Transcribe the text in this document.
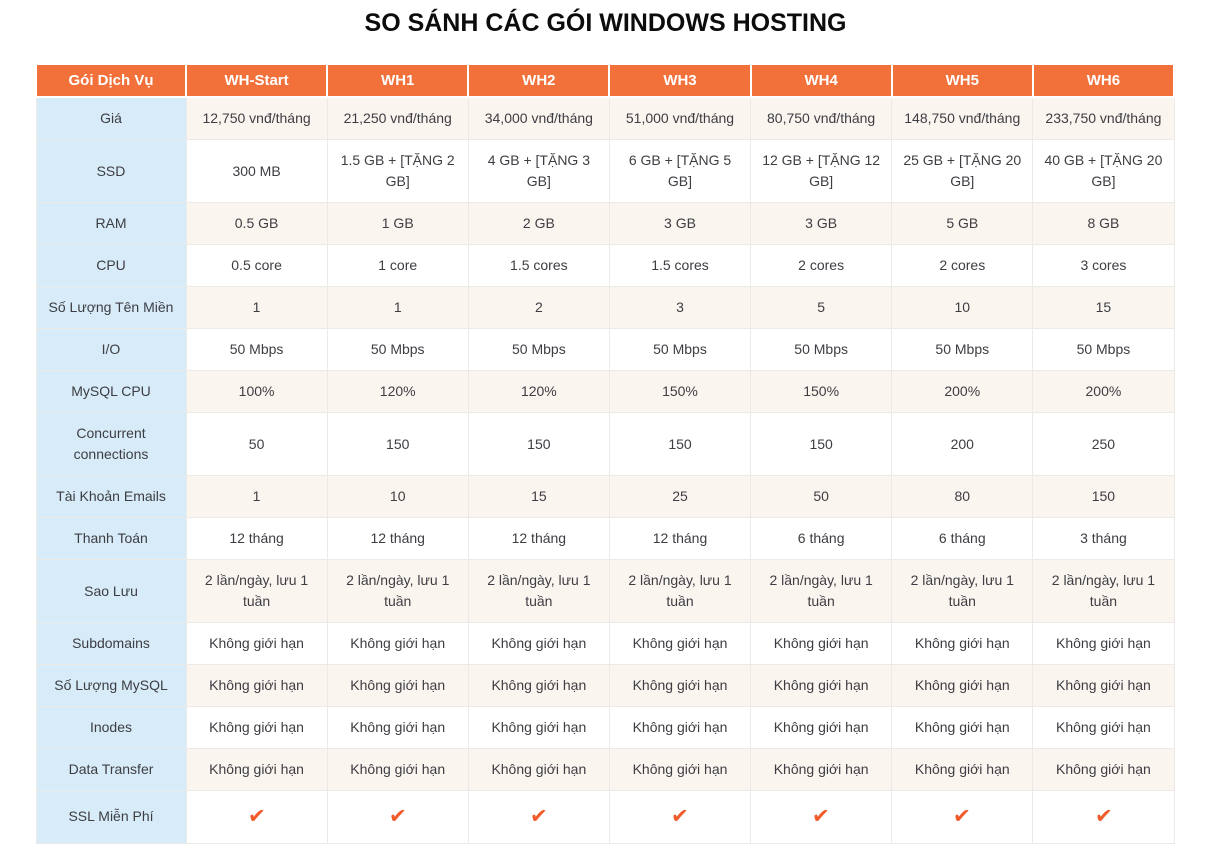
SO SÁNH CÁC GÓI WINDOWS HOSTING
Gói Dịch Vụ	WH-Start	WH1	WH2	WH3	WH4	WH5	WH6
Giá	12,750 vnđ/tháng	21,250 vnđ/tháng	34,000 vnđ/tháng	51,000 vnđ/tháng	80,750 vnđ/tháng	148,750 vnđ/tháng	233,750 vnđ/tháng
SSD	300 MB	1.5 GB + [TẶNG 2 GB]	4 GB + [TẶNG 3 GB]	6 GB + [TẶNG 5 GB]	12 GB + [TẶNG 12 GB]	25 GB + [TẶNG 20 GB]	40 GB + [TẶNG 20 GB]
RAM	0.5 GB	1 GB	2 GB	3 GB	3 GB	5 GB	8 GB
CPU	0.5 core	1 core	1.5 cores	1.5 cores	2 cores	2 cores	3 cores
Số Lượng Tên Miền	1	1	2	3	5	10	15
I/O	50 Mbps	50 Mbps	50 Mbps	50 Mbps	50 Mbps	50 Mbps	50 Mbps
MySQL CPU	100%	120%	120%	150%	150%	200%	200%
Concurrent connections	50	150	150	150	150	200	250
Tài Khoản Emails	1	10	15	25	50	80	150
Thanh Toán	12 tháng	12 tháng	12 tháng	12 tháng	6 tháng	6 tháng	3 tháng
Sao Lưu	2 lần/ngày, lưu 1 tuần	2 lần/ngày, lưu 1 tuần	2 lần/ngày, lưu 1 tuần	2 lần/ngày, lưu 1 tuần	2 lần/ngày, lưu 1 tuần	2 lần/ngày, lưu 1 tuần	2 lần/ngày, lưu 1 tuần
Subdomains	Không giới hạn	Không giới hạn	Không giới hạn	Không giới hạn	Không giới hạn	Không giới hạn	Không giới hạn
Số Lượng MySQL	Không giới hạn	Không giới hạn	Không giới hạn	Không giới hạn	Không giới hạn	Không giới hạn	Không giới hạn
Inodes	Không giới hạn	Không giới hạn	Không giới hạn	Không giới hạn	Không giới hạn	Không giới hạn	Không giới hạn
Data Transfer	Không giới hạn	Không giới hạn	Không giới hạn	Không giới hạn	Không giới hạn	Không giới hạn	Không giới hạn
SSL Miễn Phí	✔	✔	✔	✔	✔	✔	✔
